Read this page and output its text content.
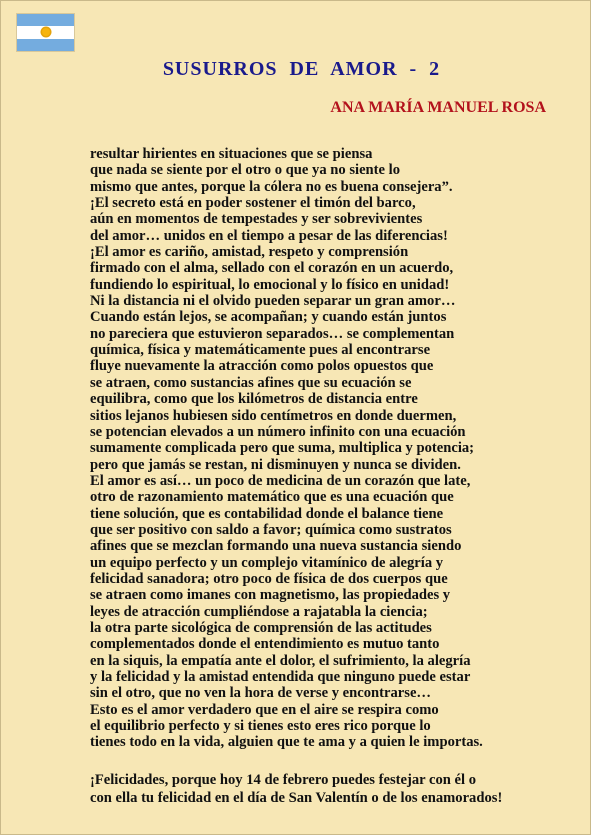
SUSURROS  DE  AMOR  -  2
ANA MARÍA MANUEL ROSA
resultar hirientes en situaciones que se piensa
que nada se siente por el otro o que ya no siente lo
mismo que antes, porque la cólera no es buena consejera”.
¡El secreto está en poder sostener el timón del barco,
aún en momentos de tempestades y ser sobrevivientes
del amor… unidos en el tiempo a pesar de las diferencias!
¡El amor es cariño, amistad, respeto y comprensión
firmado con el alma, sellado con el corazón en un acuerdo,
fundiendo lo espiritual, lo emocional y lo físico en unidad!
Ni la distancia ni el olvido pueden separar un gran amor…
Cuando están lejos, se acompañan; y cuando están juntos
no pareciera que estuvieron separados… se complementan
química, física y matemáticamente pues al encontrarse
fluye nuevamente la atracción como polos opuestos que
se atraen, como sustancias afines que su ecuación se
equilibra, como que los kilómetros de distancia entre
sitios lejanos hubiesen sido centímetros en donde duermen,
se potencian elevados a un número infinito con una ecuación
sumamente complicada pero que suma, multiplica y potencia;
pero que jamás se restan, ni disminuyen y nunca se dividen.
El amor es así… un poco de medicina de un corazón que late,
otro de razonamiento matemático que es una ecuación que
tiene solución, que es contabilidad donde el balance tiene
que ser positivo con saldo a favor; química como sustratos
afines que se mezclan formando una nueva sustancia siendo
un equipo perfecto y un complejo vitamínico de alegría y
felicidad sanadora; otro poco de física de dos cuerpos que
se atraen como imanes con magnetismo, las propiedades y
leyes de atracción cumpliéndose a rajatabla la ciencia;
la otra parte sicológica de comprensión de las actitudes
complementados donde el entendimiento es mutuo tanto
en la siquis, la empatía ante el dolor, el sufrimiento, la alegría
y la felicidad y la amistad entendida que ninguno puede estar
sin el otro, que no ven la hora de verse y encontrarse…
Esto es el amor verdadero que en el aire se respira como
el equilibrio perfecto y si tienes esto eres rico porque lo
tienes todo en la vida, alguien que te ama y a quien le importas.
¡Felicidades, porque hoy 14 de febrero puedes festejar con él o
con ella tu felicidad en el día de San Valentín o de los enamorados!
